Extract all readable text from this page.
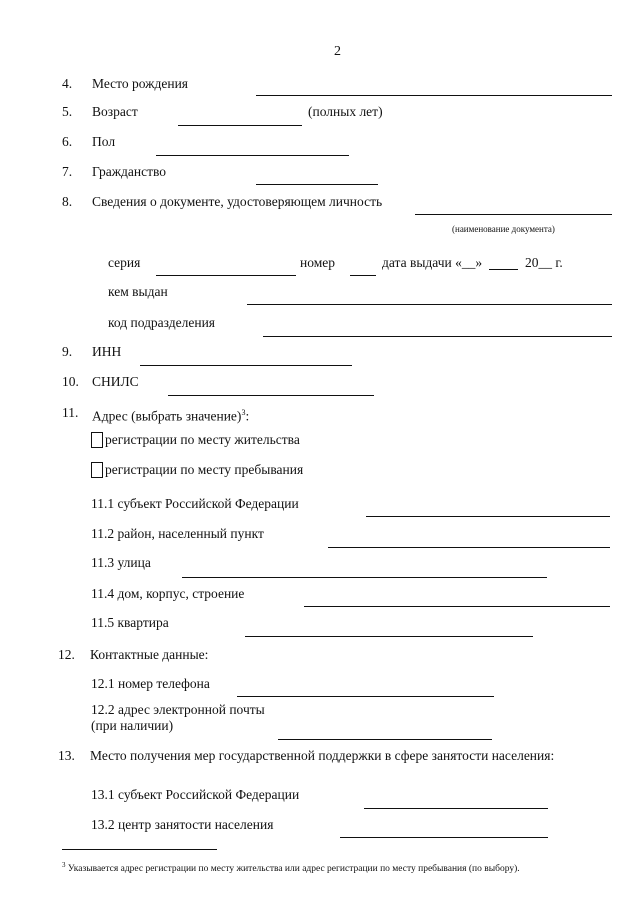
2
4. Место рождения
5. Возраст	(полных лет)
6. Пол
7. Гражданство
8. Сведения о документе, удостоверяющем личность
(наименование документа)
серия	номер	дата выдачи «__»	20__ г.
кем выдан
код подразделения
9. ИНН
10. СНИЛС
11. Адрес (выбрать значение)$^3$:
регистрации по месту жительства
регистрации по месту пребывания
11.1 субъект Российской Федерации
11.2 район, населенный пункт
11.3 улица
11.4 дом, корпус, строение
11.5 квартира
12. Контактные данные:
12.1 номер телефона
12.2 адрес электронной почты
(при наличии)
13. Место получения мер государственной поддержки в сфере занятости населения:
13.1 субъект Российской Федерации
13.2 центр занятости населения
$^3$ Указывается адрес регистрации по месту жительства или адрес регистрации по месту пребывания (по выбору).
